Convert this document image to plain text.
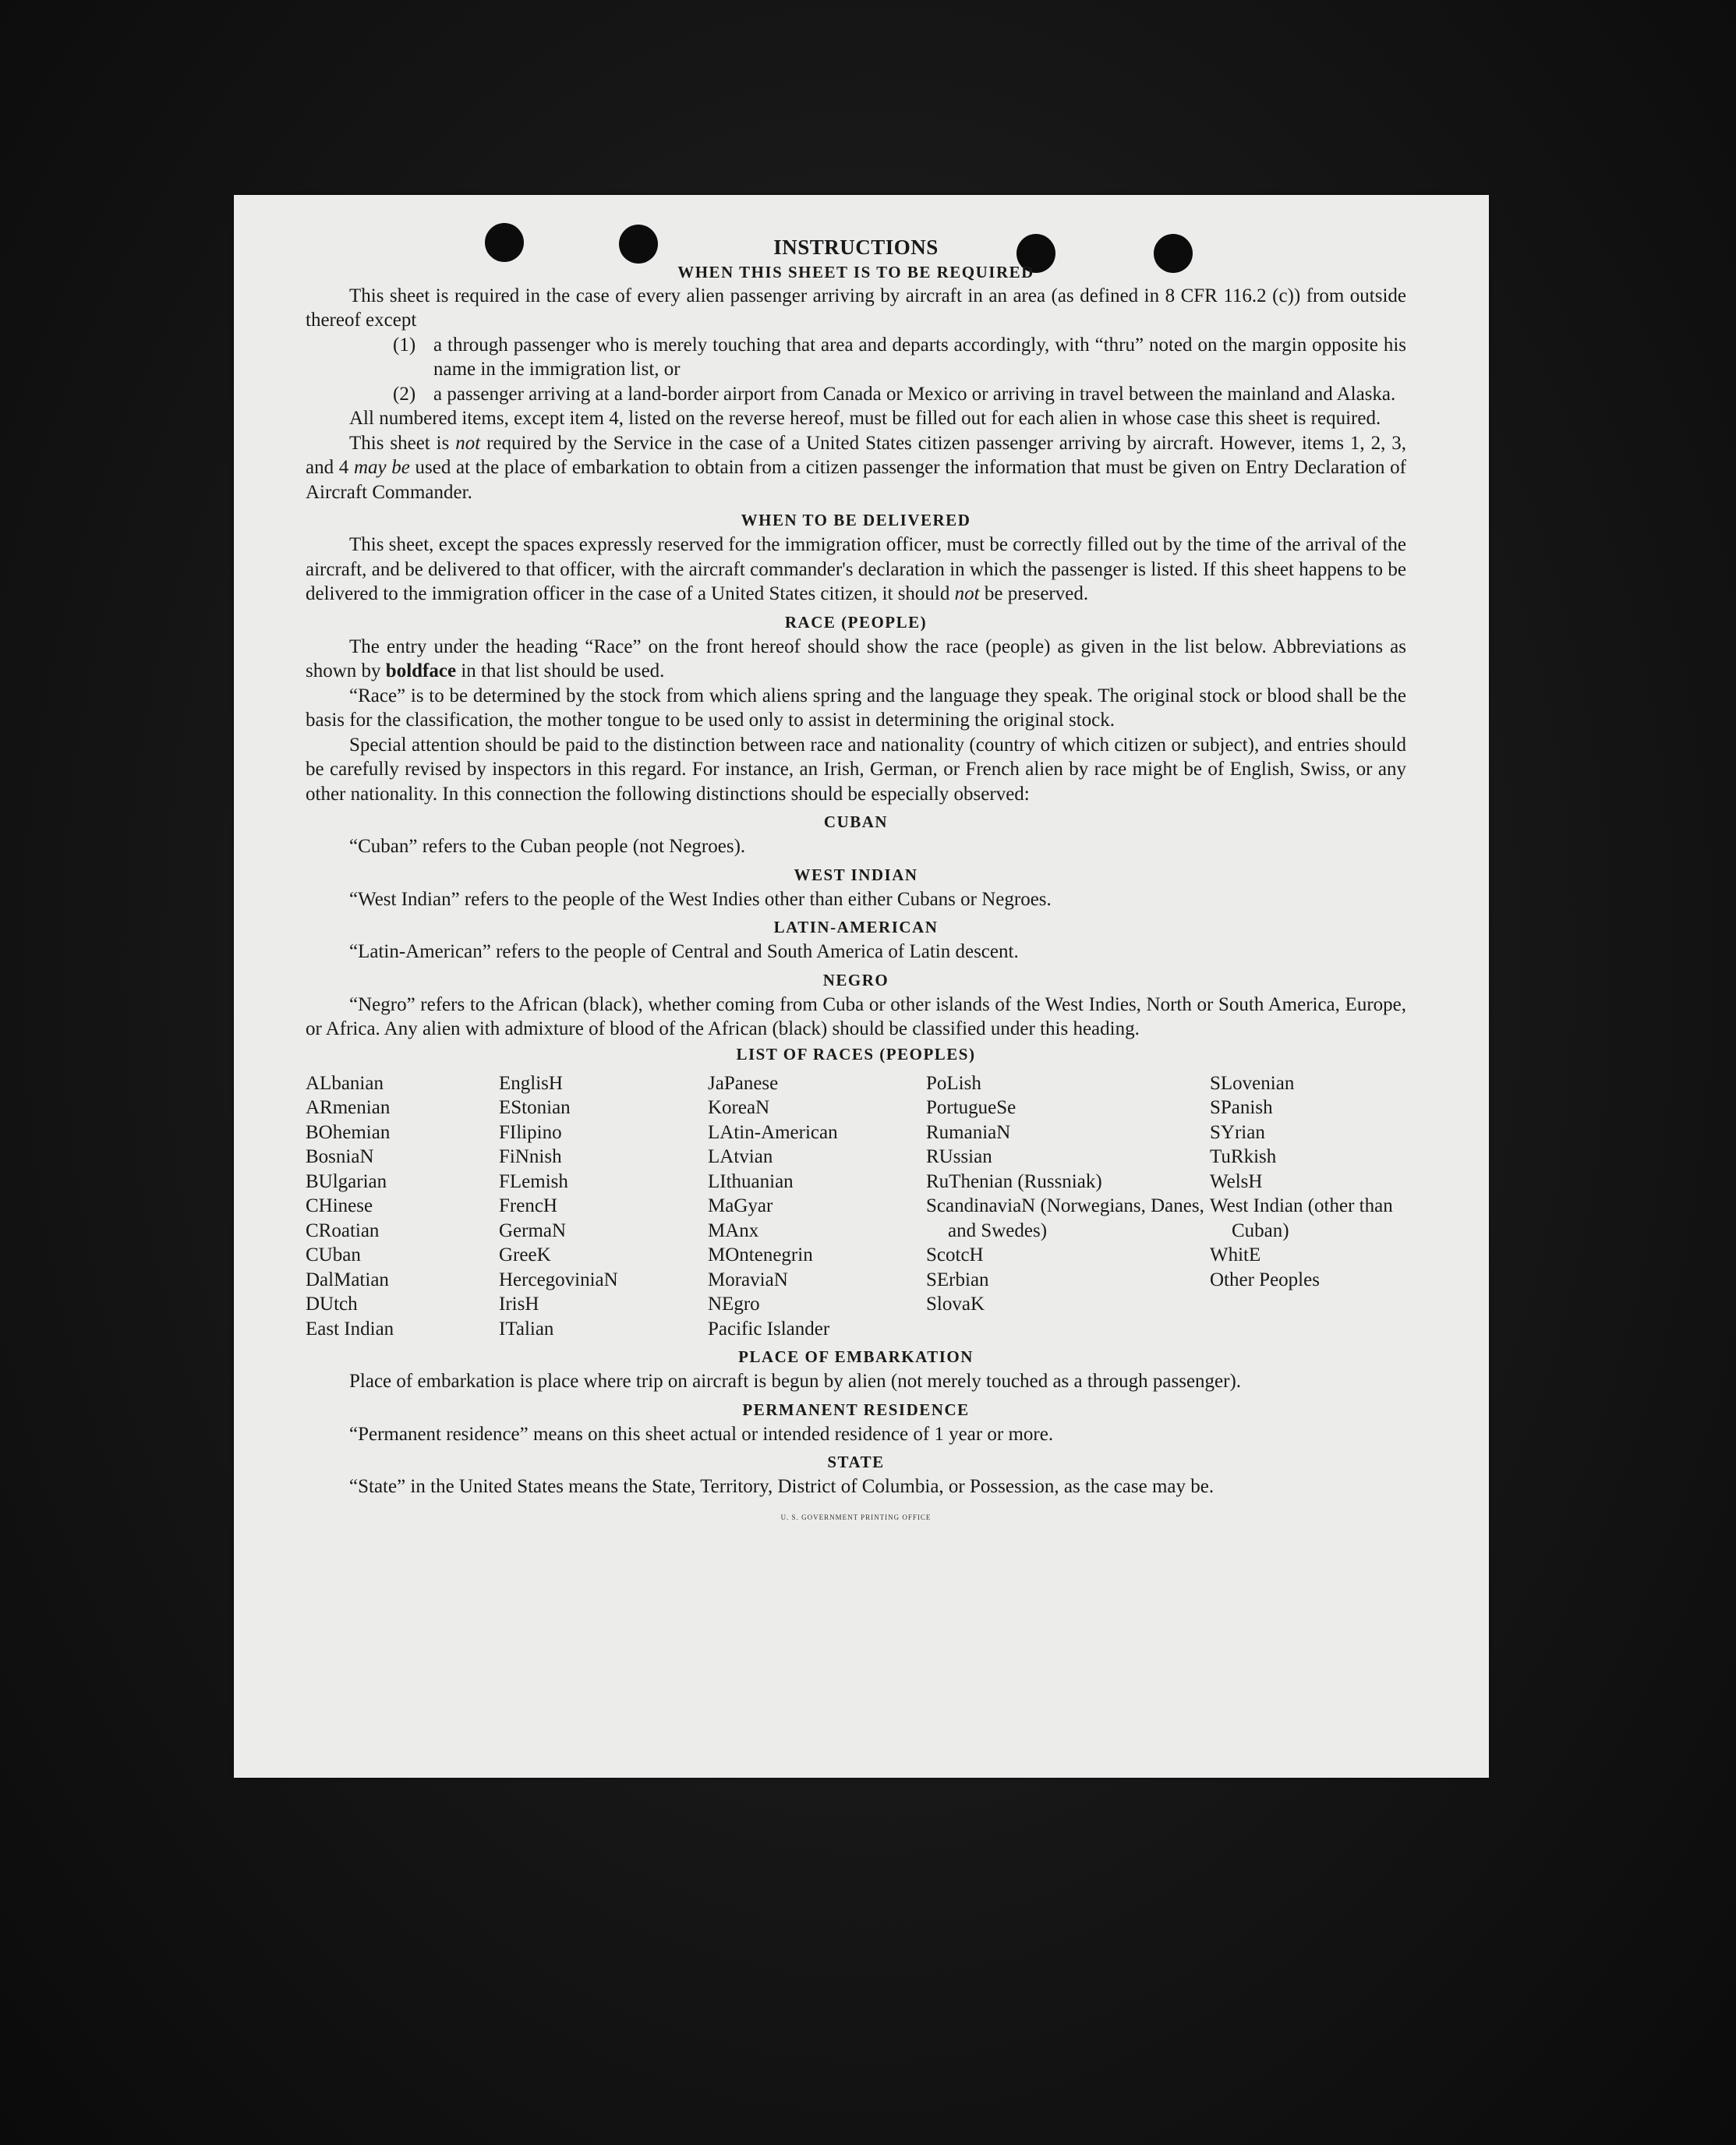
INSTRUCTIONS
WHEN THIS SHEET IS TO BE REQUIRED

This sheet is required in the case of every alien passenger arriving by aircraft in an area (as defined in 8 CFR 116.2 (c)) from outside thereof except

(1) a through passenger who is merely touching that area and departs accordingly, with “thru” noted on the margin opposite his name in the immigration list, or
(2) a passenger arriving at a land-border airport from Canada or Mexico or arriving in travel between the mainland and Alaska.

All numbered items, except item 4, listed on the reverse hereof, must be filled out for each alien in whose case this sheet is required.

This sheet is not required by the Service in the case of a United States citizen passenger arriving by aircraft. However, items 1, 2, 3, and 4 may be used at the place of embarkation to obtain from a citizen passenger the information that must be given on Entry Declaration of Aircraft Commander.

WHEN TO BE DELIVERED

This sheet, except the spaces expressly reserved for the immigration officer, must be correctly filled out by the time of the arrival of the aircraft, and be delivered to that officer, with the aircraft commander's declaration in which the passenger is listed. If this sheet happens to be delivered to the immigration officer in the case of a United States citizen, it should not be preserved.

RACE (PEOPLE)

The entry under the heading “Race” on the front hereof should show the race (people) as given in the list below. Abbreviations as shown by boldface in that list should be used.

“Race” is to be determined by the stock from which aliens spring and the language they speak. The original stock or blood shall be the basis for the classification, the mother tongue to be used only to assist in determining the original stock.

Special attention should be paid to the distinction between race and nationality (country of which citizen or subject), and entries should be carefully revised by inspectors in this regard. For instance, an Irish, German, or French alien by race might be of English, Swiss, or any other nationality. In this connection the following distinctions should be especially observed:

CUBAN

“Cuban” refers to the Cuban people (not Negroes).

WEST INDIAN

“West Indian” refers to the people of the West Indies other than either Cubans or Negroes.

LATIN-AMERICAN

“Latin-American” refers to the people of Central and South America of Latin descent.

NEGRO

“Negro” refers to the African (black), whether coming from Cuba or other islands of the West Indies, North or South America, Europe, or Africa. Any alien with admixture of blood of the African (black) should be classified under this heading.

LIST OF RACES (PEOPLES)
ALbanian
ARmenian
BOhemian
BosniaN
BUlgarian
CHinese
CRoatian
CUban
DalMatian
DUtch
East Indian
EnglisH
EStonian
FIlipino
FiNnish
FLemish
FrencH
GermaN
GreeK
HercegoviniaN
IrisH
ITalian
JaPanese
KoreaN
LAtin-American
LAtvian
LIthuanian
MaGyar
MAnx
MOntenegrin
MoraviaN
NEgro
Pacific Islander
PoLish
PortugueSe
RumaniaN
RUssian
RuThenian (Russniak)
ScandinaviaN (Norwegians, Danes, and Swedes)
ScotcH
SErbian
SlovaK
SLovenian
SPanish
SYrian
TuRkish
WelsH
West Indian (other than Cuban)
WhitE
Other Peoples
PLACE OF EMBARKATION

Place of embarkation is place where trip on aircraft is begun by alien (not merely touched as a through passenger).

PERMANENT RESIDENCE

“Permanent residence” means on this sheet actual or intended residence of 1 year or more.

STATE

“State” in the United States means the State, Territory, District of Columbia, or Possession, as the case may be.

U. S. GOVERNMENT PRINTING OFFICE
